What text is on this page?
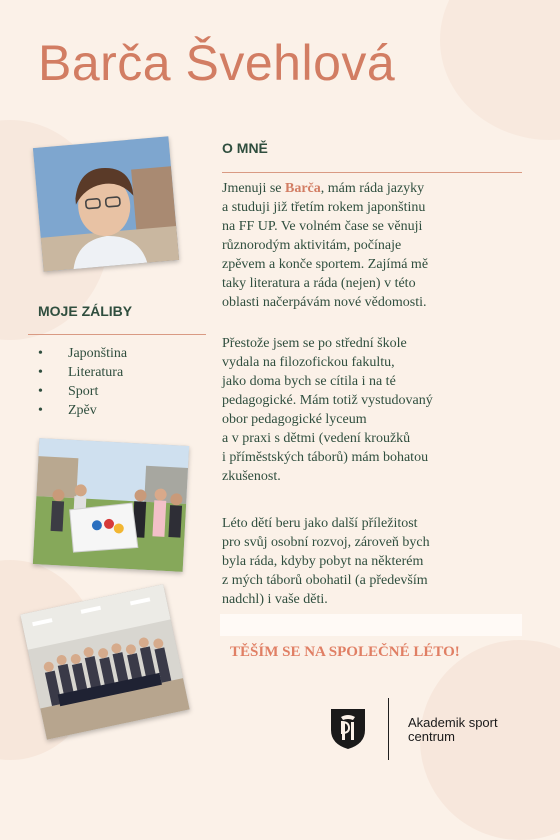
Barča Švehlová
O MNĚ
Jmenuji se Barča, mám ráda jazyky
a studuji již třetím rokem japonštinu
na FF UP. Ve volném čase se věnuji
různorodým aktivitám, počínaje
zpěvem a konče sportem. Zajímá mě
taky literatura a ráda (nejen) v této
oblasti načerpávám nové vědomosti.
Přestože jsem se po střední škole
vydala na filozofickou fakultu,
jako doma bych se cítila i na té
pedagogické. Mám totiž vystudovaný
obor pedagogické lyceum
a v praxi s dětmi (vedení kroužků
i příměstských táborů) mám bohatou
zkušenost.
Léto dětí beru jako další příležitost
pro svůj osobní rozvoj, zároveň bych
byla ráda, kdyby pobyt na některém
z mých táborů obohatil (a především
nadchl) i vaše děti.
MOJE ZÁLIBY
• Japonština
• Literatura
• Sport
• Zpěv

TĚŠÍM SE NA SPOLEČNÉ LÉTO!

Akademik sport
centrum
